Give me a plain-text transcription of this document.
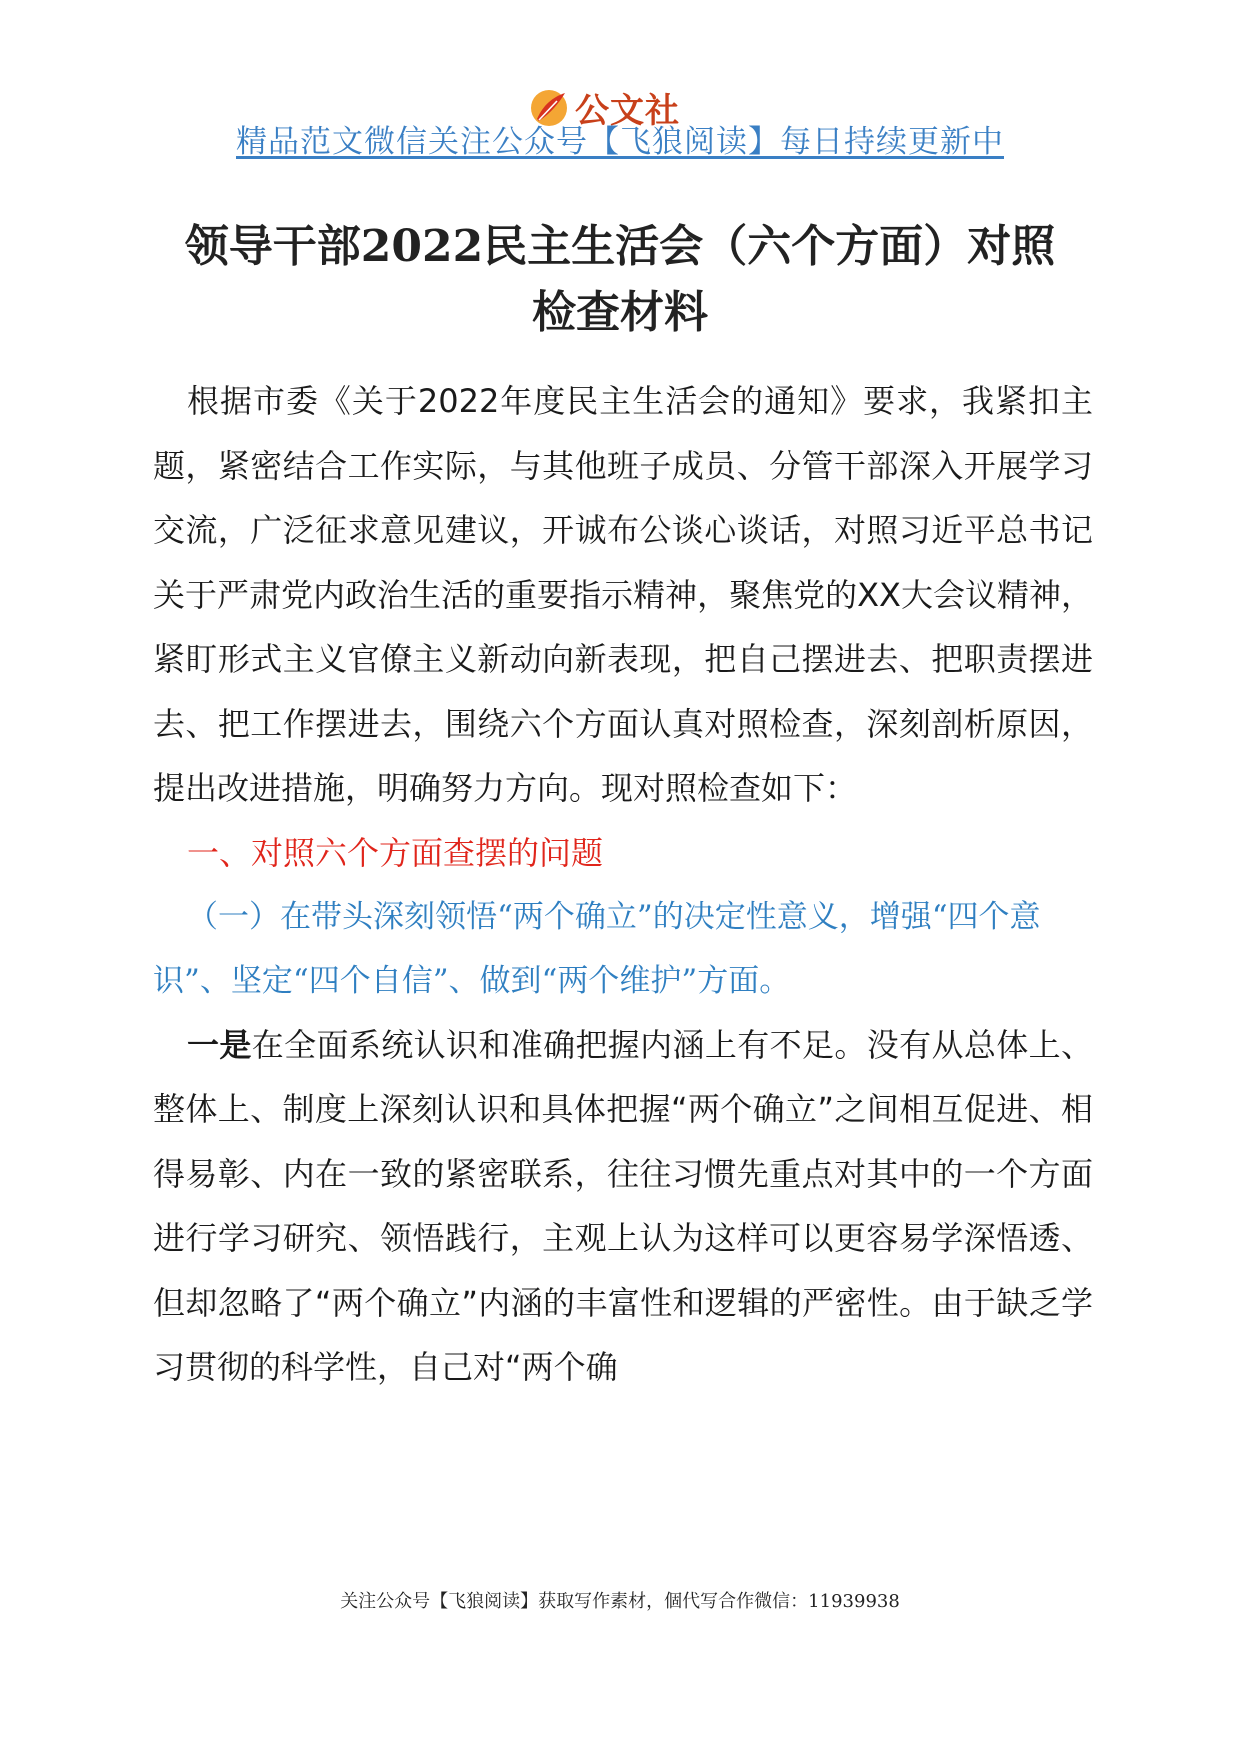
公文社
精品范文微信关注公众号【飞狼阅读】每日持续更新中
领导干部2022民主生活会（六个方面）对照
检查材料

根据市委《关于2022年度民主生活会的通知》要求，我紧扣主题，紧密结合工作实际，与其他班子成员、分管干部深入开展学习交流，广泛征求意见建议，开诚布公谈心谈话，对照习近平总书记关于严肃党内政治生活的重要指示精神，聚焦党的XX大会议精神，紧盯形式主义官僚主义新动向新表现，把自己摆进去、把职责摆进去、把工作摆进去，围绕六个方面认真对照检查，深刻剖析原因，提出改进措施，明确努力方向。现对照检查如下：

一、对照六个方面查摆的问题

（一）在带头深刻领悟“两个确立”的决定性意义，增强“四个意识”、坚定“四个自信”、做到“两个维护”方面。

一是在全面系统认识和准确把握内涵上有不足。没有从总体上、整体上、制度上深刻认识和具体把握“两个确立”之间相互促进、相得易彰、内在一致的紧密联系，往往习惯先重点对其中的一个方面进行学习研究、领悟践行，主观上认为这样可以更容易学深悟透、但却忽略了“两个确立”内涵的丰富性和逻辑的严密性。由于缺乏学习贯彻的科学性，自己对“两个确

关注公众号【飞狼阅读】获取写作素材，個代写合作微信：11939938
